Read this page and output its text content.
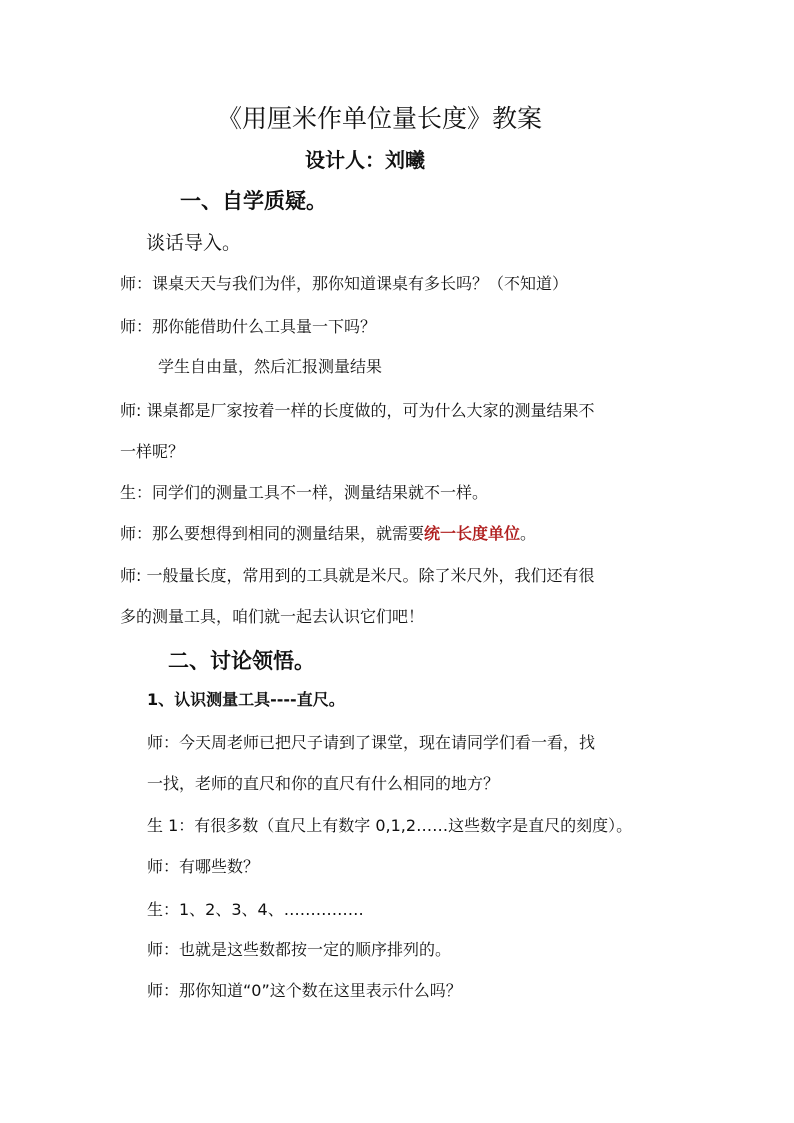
《用厘米作单位量长度》教案
设计人：刘曦
一、自学质疑。
谈话导入。
师：课桌天天与我们为伴，那你知道课桌有多长吗？（不知道）
师：那你能借助什么工具量一下吗？
学生自由量，然后汇报测量结果
师: 课桌都是厂家按着一样的长度做的，可为什么大家的测量结果不
一样呢？
生：同学们的测量工具不一样，测量结果就不一样。
师：那么要想得到相同的测量结果，就需要统一长度单位。
师: 一般量长度，常用到的工具就是米尺。除了米尺外，我们还有很
多的测量工具，咱们就一起去认识它们吧！
二、讨论领悟。
1、认识测量工具----直尺。
师：今天周老师已把尺子请到了课堂，现在请同学们看一看，找
一找，老师的直尺和你的直尺有什么相同的地方？
生 1：有很多数（直尺上有数字 0,1,2……这些数字是直尺的刻度）。
师：有哪些数？
生：1、2、3、4、……………
师：也就是这些数都按一定的顺序排列的。
师：那你知道“0”这个数在这里表示什么吗？
